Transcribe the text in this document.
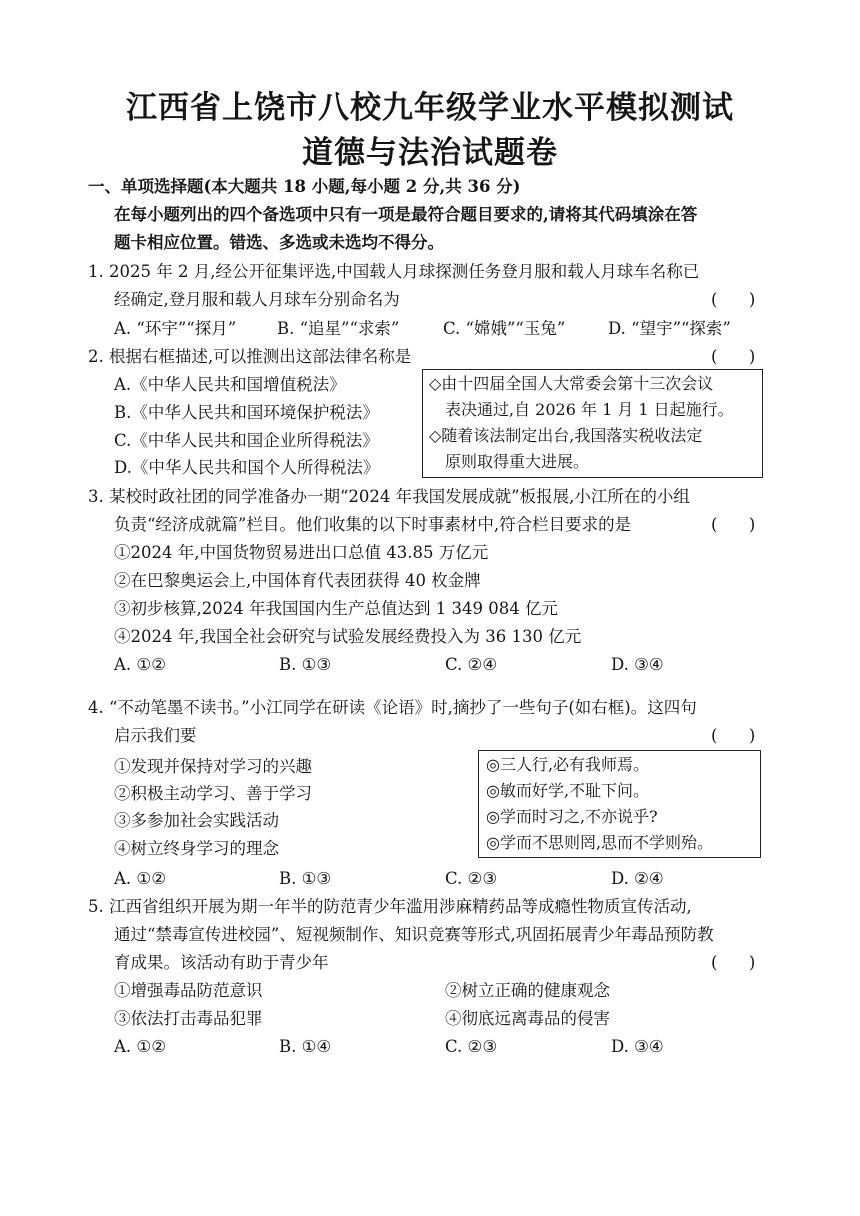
江西省上饶市八校九年级学业水平模拟测试
道德与法治试题卷
一、单项选择题(本大题共 18 小题,每小题 2 分,共 36 分)
在每小题列出的四个备选项中只有一项是最符合题目要求的,请将其代码填涂在答
题卡相应位置。错选、多选或未选均不得分。
1. 2025 年 2 月,经公开征集评选,中国载人月球探测任务登月服和载人月球车名称已
经确定,登月服和载人月球车分别命名为	(      )
A. “环宇”“探月” B. “追星”“求索”	C. “嫦娥”“玉兔”	D. “望宇”“探索”
2. 根据右框描述,可以推测出这部法律名称是	(      )
A.《中华人民共和国增值税法》
B.《中华人民共和国环境保护税法》
C.《中华人民共和国企业所得税法》
D.《中华人民共和国个人所得税法》
◇由十四届全国人大常委会第十三次会议
表决通过,自 2026 年 1 月 1 日起施行。
◇随着该法制定出台,我国落实税收法定
原则取得重大进展。
3. 某校时政社团的同学准备办一期“2024 年我国发展成就”板报展,小江所在的小组
负责“经济成就篇”栏目。他们收集的以下时事素材中,符合栏目要求的是	(      )
①2024 年,中国货物贸易进出口总值 43.85 万亿元
②在巴黎奥运会上,中国体育代表团获得 40 枚金牌
③初步核算,2024 年我国国内生产总值达到 1 349 084 亿元
④2024 年,我国全社会研究与试验发展经费投入为 36 130 亿元
A. ①②	B. ①③	C. ②④	D. ③④
4. “不动笔墨不读书。”小江同学在研读《论语》时,摘抄了一些句子(如右框)。这四句
启示我们要	(      )
①发现并保持对学习的兴趣
②积极主动学习、善于学习
③多参加社会实践活动
④树立终身学习的理念
◎三人行,必有我师焉。
◎敏而好学,不耻下问。
◎学而时习之,不亦说乎?
◎学而不思则罔,思而不学则殆。
A. ①②	B. ①③	C. ②③	D. ②④
5. 江西省组织开展为期一年半的防范青少年滥用涉麻精药品等成瘾性物质宣传活动,
通过“禁毒宣传进校园”、短视频制作、知识竞赛等形式,巩固拓展青少年毒品预防教
育成果。该活动有助于青少年	(      )
①增强毒品防范意识	②树立正确的健康观念
③依法打击毒品犯罪	④彻底远离毒品的侵害
A. ①②	B. ①④	C. ②③	D. ③④
